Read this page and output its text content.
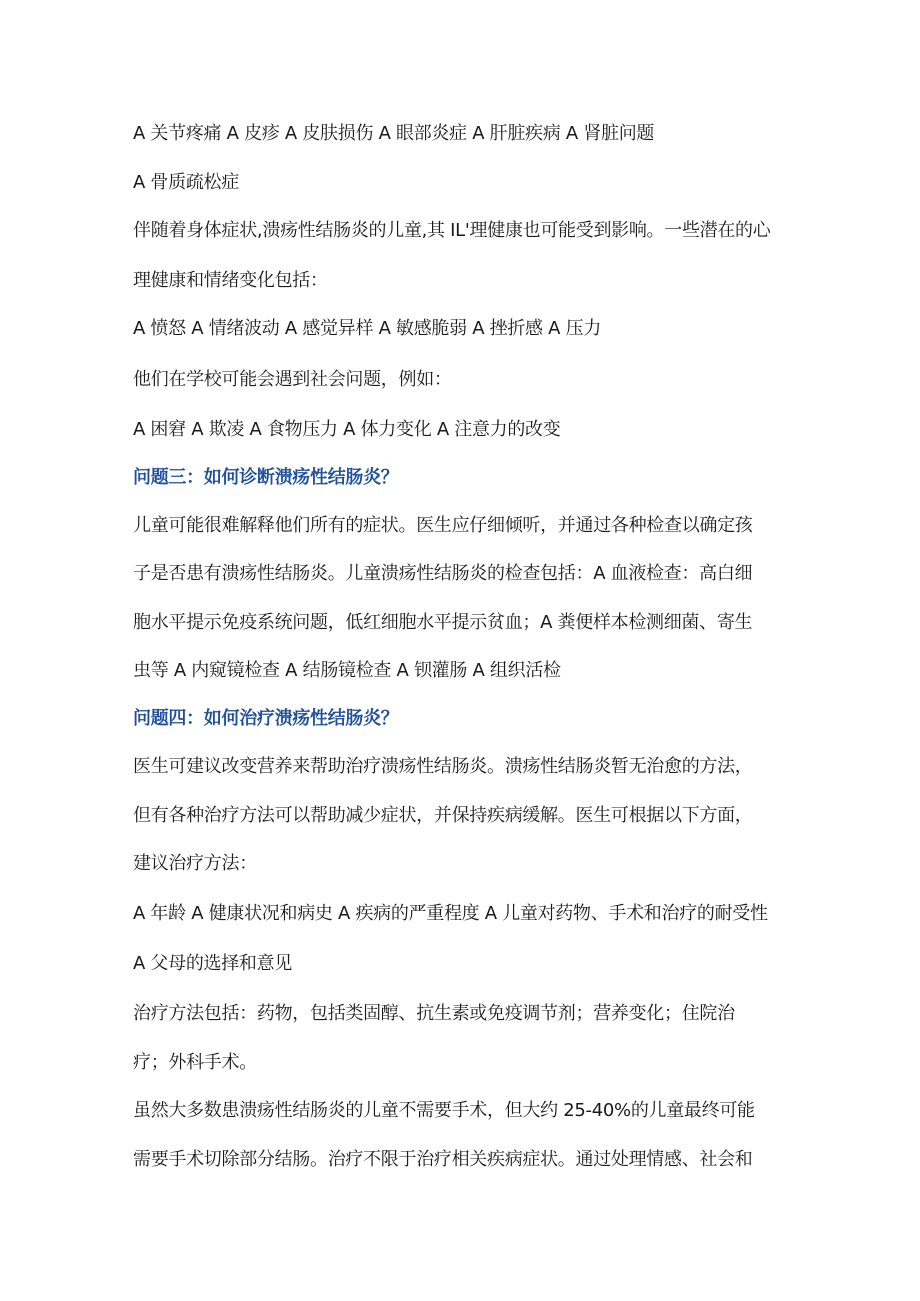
A 关节疼痛 A 皮疹 A 皮肤损伤 A 眼部炎症 A 肝脏疾病 A 肾脏问题
A 骨质疏松症
伴随着身体症状,溃疡性结肠炎的儿童,其 IL'理健康也可能受到影响。一些潜在的心
理健康和情绪变化包括：
A 愤怒 A 情绪波动 A 感觉异样 A 敏感脆弱 A 挫折感 A 压力
他们在学校可能会遇到社会问题，例如：
A 困窘 A 欺凌 A 食物压力 A 体力变化 A 注意力的改变
问题三：如何诊断溃疡性结肠炎？
儿童可能很难解释他们所有的症状。医生应仔细倾听，并通过各种检查以确定孩
子是否患有溃疡性结肠炎。儿童溃疡性结肠炎的检查包括：A 血液检查：高白细
胞水平提示免疫系统问题，低红细胞水平提示贫血；A 粪便样本检测细菌、寄生
虫等 A 内窥镜检查 A 结肠镜检查 A 钡灌肠 A 组织活检
问题四：如何治疗溃疡性结肠炎？
医生可建议改变营养来帮助治疗溃疡性结肠炎。溃疡性结肠炎暂无治愈的方法，
但有各种治疗方法可以帮助减少症状，并保持疾病缓解。医生可根据以下方面，
建议治疗方法：
A 年龄 A 健康状况和病史 A 疾病的严重程度 A 儿童对药物、手术和治疗的耐受性
A 父母的选择和意见
治疗方法包括：药物，包括类固醇、抗生素或免疫调节剂；营养变化；住院治
疗；外科手术。
虽然大多数患溃疡性结肠炎的儿童不需要手术，但大约 25-40%的儿童最终可能
需要手术切除部分结肠。治疗不限于治疗相关疾病症状。通过处理情感、社会和
